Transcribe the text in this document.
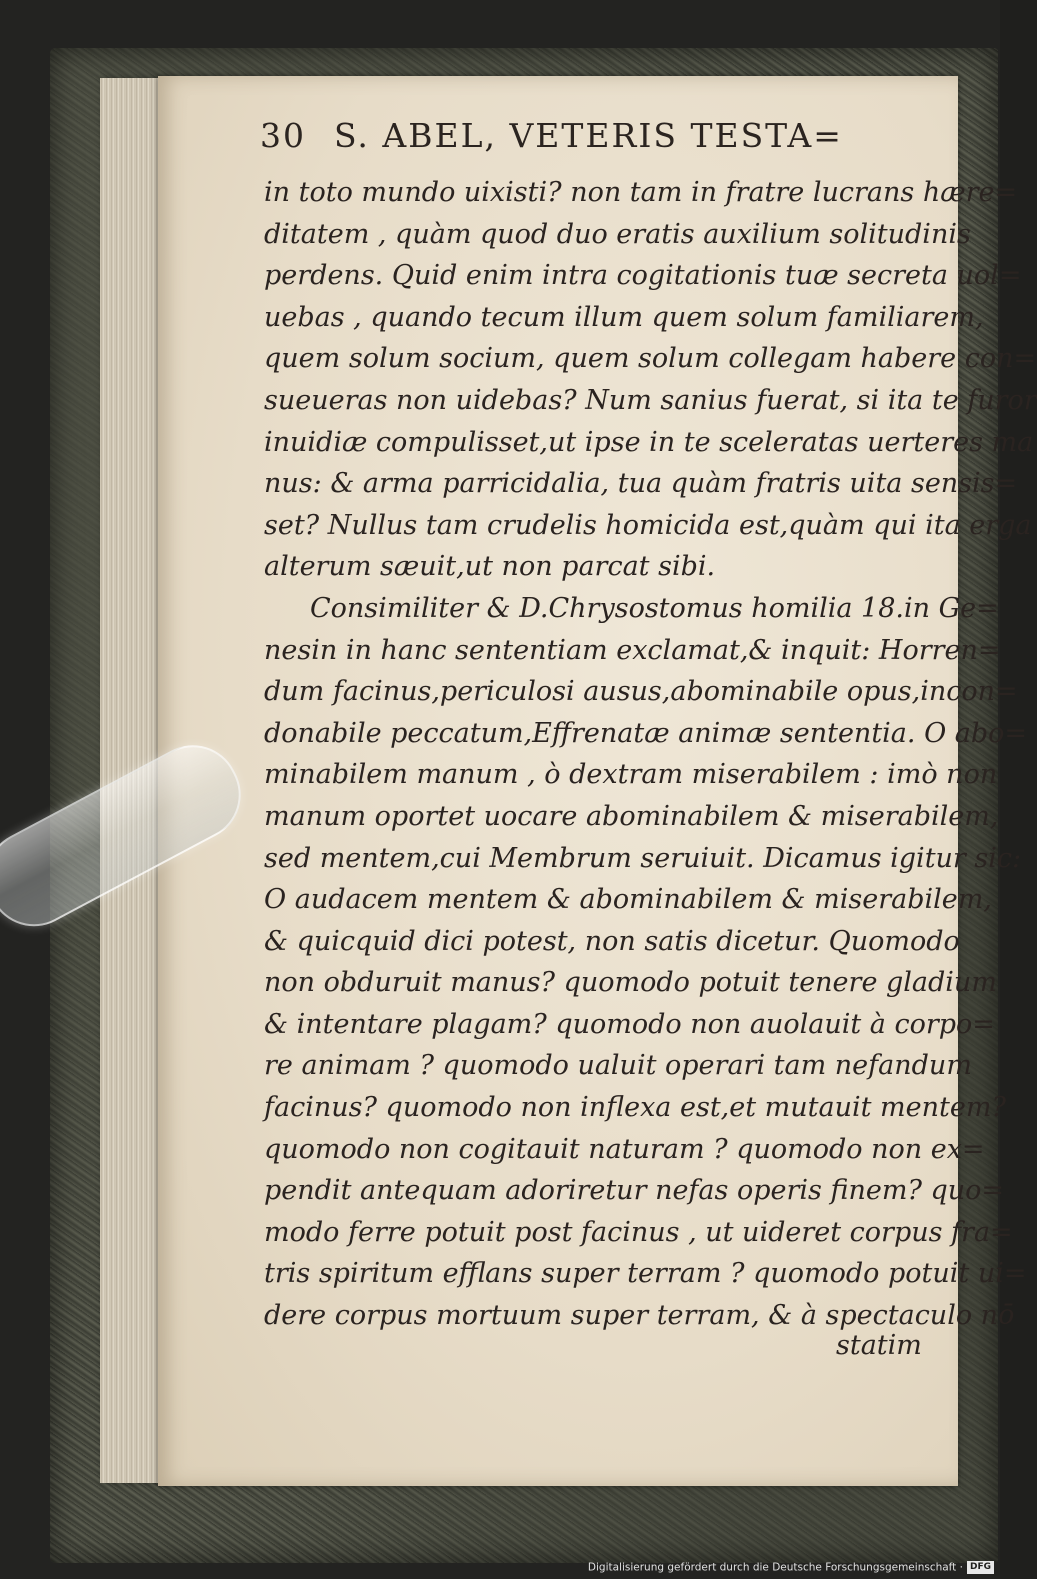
30 S. ABEL, VETERIS TESTA=
in toto mundo uixisti? non tam in fratre lucrans hære=
ditatem , quàm quod duo eratis auxilium solitudinis
perdens. Quid enim intra cogitationis tuæ secreta uol=
uebas , quando tecum illum quem solum familiarem,
quem solum socium, quem solum collegam habere con=
sueueras non uidebas? Num sanius fuerat, si ita te furor
inuidiæ compulisset,ut ipse in te sceleratas uerteres ma
nus: & arma parricidalia, tua quàm fratris uita sensis=
set? Nullus tam crudelis homicida est,quàm qui ita erga
alterum sæuit,ut non parcat sibi.
Consimiliter & D.Chrysostomus homilia 18.in Ge=
nesin in hanc sententiam exclamat,& inquit: Horren=
dum facinus,periculosi ausus,abominabile opus,incon=
donabile peccatum,Effrenatæ animæ sententia. O abo=
minabilem manum , ò dextram miserabilem : imò non
manum oportet uocare abominabilem & miserabilem,
sed mentem,cui Membrum seruiuit. Dicamus igitur sic:
O audacem mentem & abominabilem & miserabilem,
& quicquid dici potest, non satis dicetur. Quomodo
non obduruit manus? quomodo potuit tenere gladium
& intentare plagam? quomodo non auolauit à corpo=
re animam ? quomodo ualuit operari tam nefandum
facinus? quomodo non inflexa est,et mutauit mentem?
quomodo non cogitauit naturam ? quomodo non ex=
pendit antequam adoriretur nefas operis finem? quo=
modo ferre potuit post facinus , ut uideret corpus fra=
tris spiritum efflans super terram ? quomodo potuit ui=
dere corpus mortuum super terram, & à spectaculo nō
statim
Digitalisierung gefördert durch die Deutsche Forschungsgemeinschaft · DFG
